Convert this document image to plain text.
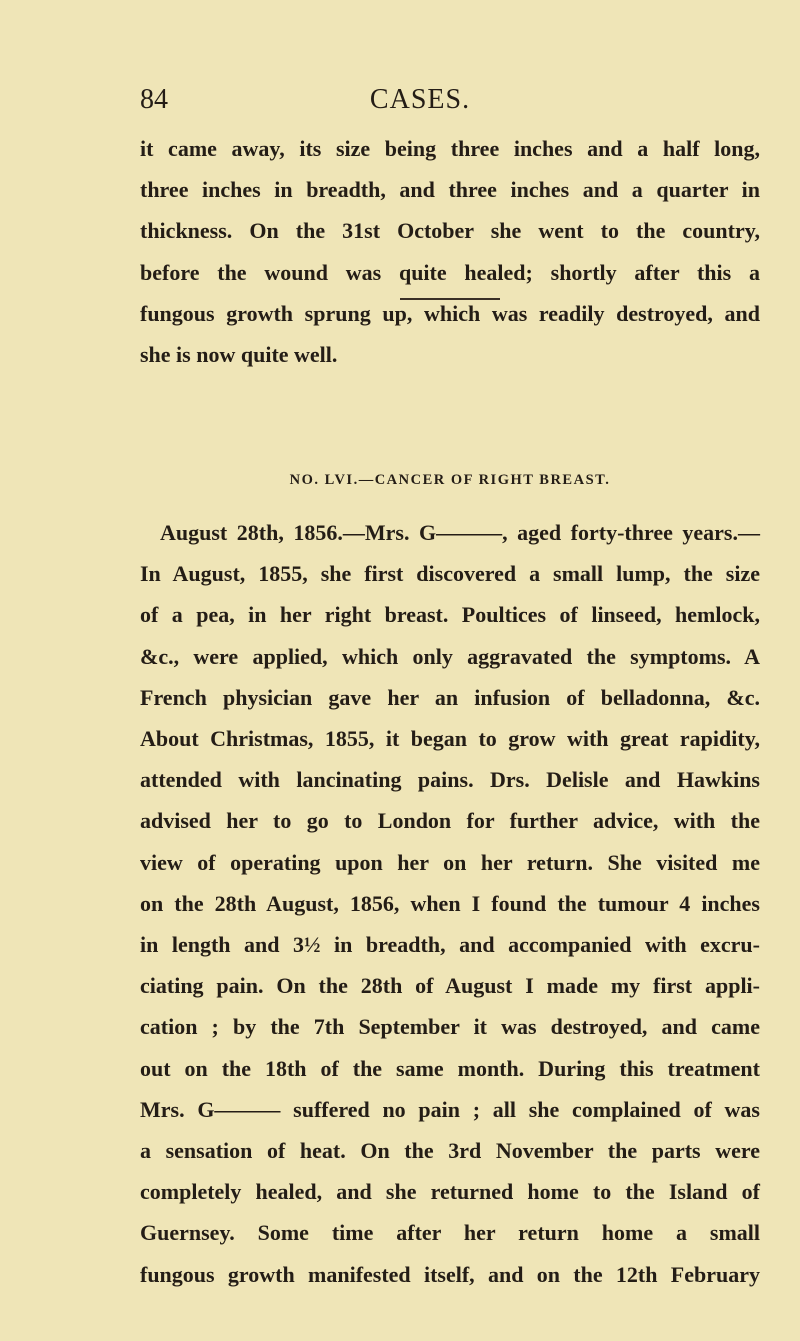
84	CASES.
it came away, its size being three inches and a half long,
three inches in breadth, and three inches and a quarter in
thickness. On the 31st October she went to the country,
before the wound was quite healed; shortly after this a
fungous growth sprung up, which was readily destroyed, and
she is now quite well.
NO. LVI.—CANCER OF RIGHT BREAST.
August 28th, 1856.—Mrs. G———, aged forty-three years.—
In August, 1855, she first discovered a small lump, the size
of a pea, in her right breast. Poultices of linseed, hemlock,
&c., were applied, which only aggravated the symptoms. A
French physician gave her an infusion of belladonna, &c.
About Christmas, 1855, it began to grow with great rapidity,
attended with lancinating pains. Drs. Delisle and Hawkins
advised her to go to London for further advice, with the
view of operating upon her on her return. She visited me
on the 28th August, 1856, when I found the tumour 4 inches
in length and 3½ in breadth, and accompanied with excru-
ciating pain. On the 28th of August I made my first appli-
cation ; by the 7th September it was destroyed, and came
out on the 18th of the same month. During this treatment
Mrs. G——— suffered no pain ; all she complained of was
a sensation of heat. On the 3rd November the parts were
completely healed, and she returned home to the Island of
Guernsey. Some time after her return home a small
fungous growth manifested itself, and on the 12th February
